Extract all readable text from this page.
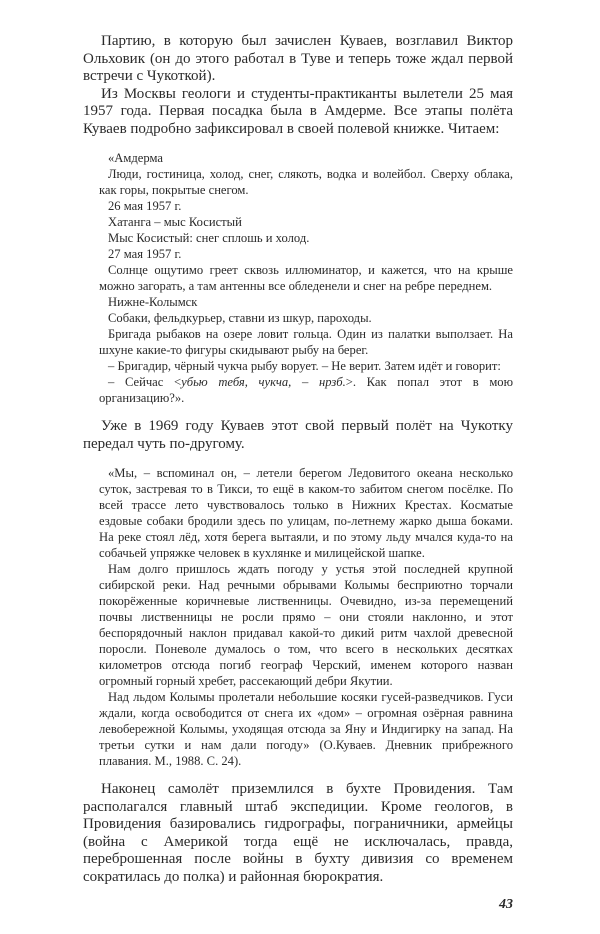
Партию, в которую был зачислен Куваев, возглавил Виктор Ольховик (он до этого работал в Туве и теперь тоже ждал первой встречи с Чукоткой).

Из Москвы геологи и студенты-практиканты вылетели 25 мая 1957 года. Первая посадка была в Амдерме. Все этапы полёта Куваев подробно зафиксировал в своей полевой книжке. Читаем:

«Амдерма

Люди, гостиница, холод, снег, слякоть, водка и волейбол. Сверху облака, как горы, покрытые снегом.

26 мая 1957 г.

Хатанга – мыс Косистый

Мыс Косистый: снег сплошь и холод.

27 мая 1957 г.

Солнце ощутимо греет сквозь иллюминатор, и кажется, что на крыше можно загорать, а там антенны все обледенели и снег на ребре переднем.

Нижне-Колымск

Собаки, фельдкурьер, ставни из шкур, пароходы.

Бригада рыбаков на озере ловит гольца. Один из палатки выползает. На шхуне какие-то фигуры скидывают рыбу на берег.

– Бригадир, чёрный чукча рыбу ворует. – Не верит. Затем идёт и говорит:

– Сейчас <убью тебя, чукча, – нрзб.>. Как попал этот в мою организацию?».

Уже в 1969 году Куваев этот свой первый полёт на Чукотку передал чуть по-другому.

«Мы, – вспоминал он, – летели берегом Ледовитого океана несколько суток, застревая то в Тикси, то ещё в каком-то забитом снегом посёлке. По всей трассе лето чувствовалось только в Нижних Крестах. Косматые ездовые собаки бродили здесь по улицам, по-летнему жарко дыша боками. На реке стоял лёд, хотя берега вытаяли, и по этому льду мчался куда-то на собачьей упряжке человек в кухлянке и милицейской шапке.

Нам долго пришлось ждать погоду у устья этой последней крупной сибирской реки. Над речными обрывами Колымы бесприютно торчали покорёженные коричневые лиственницы. Очевидно, из-за перемещений почвы лиственницы не росли прямо – они стояли наклонно, и этот беспорядочный наклон придавал какой-то дикий ритм чахлой древесной поросли. Поневоле думалось о том, что всего в нескольких десятках километров отсюда погиб географ Черский, именем которого назван огромный горный хребет, рассекающий дебри Якутии.

Над льдом Колымы пролетали небольшие косяки гусей-разведчиков. Гуси ждали, когда освободится от снега их «дом» – огромная озёрная равнина левобережной Колымы, уходящая отсюда за Яну и Индигирку на запад. На третьи сутки и нам дали погоду» (О.Куваев. Дневник прибрежного плавания. М., 1988. С. 24).

Наконец самолёт приземлился в бухте Провидения. Там располагался главный штаб экспедиции. Кроме геологов, в Провидения базировались гидрографы, пограничники, армейцы (война с Америкой тогда ещё не исключалась, правда, переброшенная после войны в бухту дивизия со временем сократилась до полка) и районная бюрократия.

43
